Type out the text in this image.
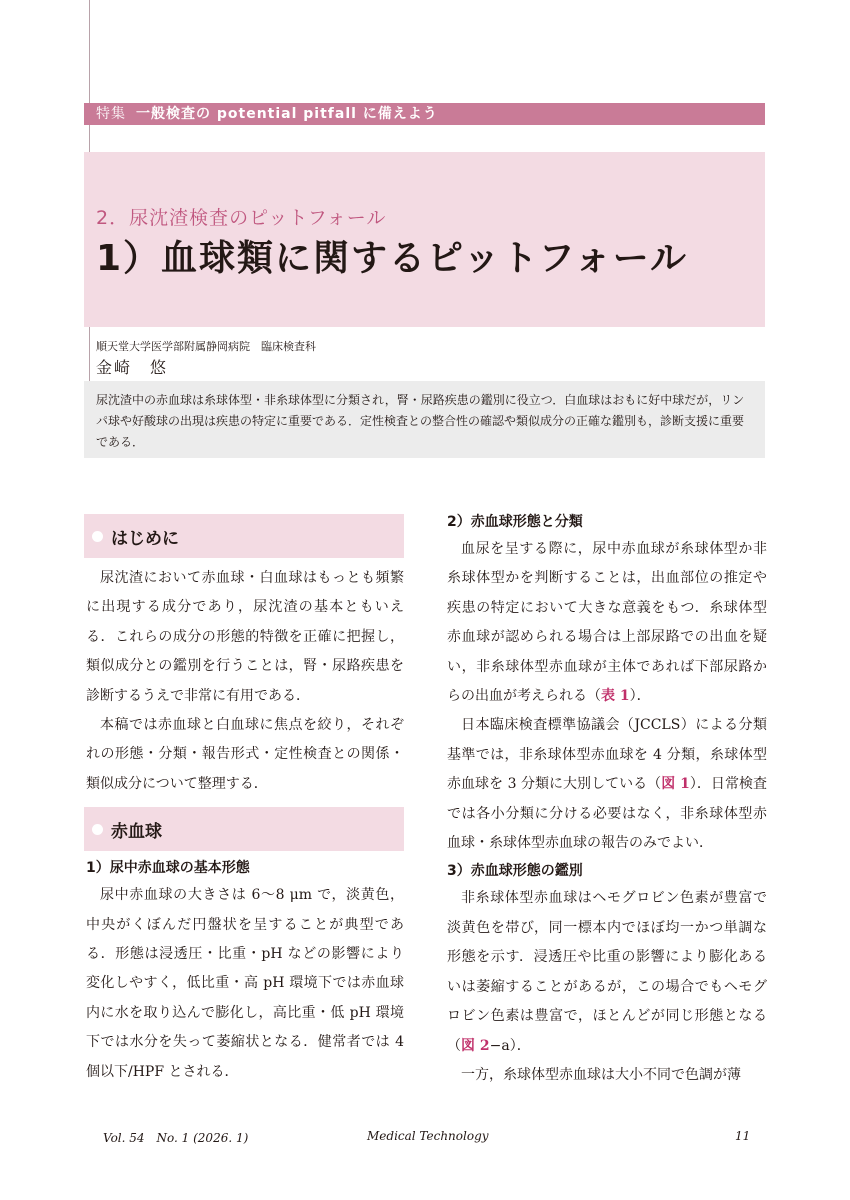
特集 一般検査の potential pitfall に備えよう
2．尿沈渣検査のピットフォール
1）血球類に関するピットフォール
順天堂大学医学部附属静岡病院　臨床検査科
金崎　悠
尿沈渣中の赤血球は糸球体型・非糸球体型に分類され，腎・尿路疾患の鑑別に役立つ．白血球はおもに好中球だが，リンパ球や好酸球の出現は疾患の特定に重要である．定性検査との整合性の確認や類似成分の正確な鑑別も，診断支援に重要である．
はじめに

尿沈渣において赤血球・白血球はもっとも頻繁に出現する成分であり，尿沈渣の基本ともいえる．これらの成分の形態的特徴を正確に把握し，類似成分との鑑別を行うことは，腎・尿路疾患を診断するうえで非常に有用である．

本稿では赤血球と白血球に焦点を絞り，それぞれの形態・分類・報告形式・定性検査との関係・類似成分について整理する．

赤血球
1）尿中赤血球の基本形態

尿中赤血球の大きさは 6〜8 μm で，淡黄色，中央がくぼんだ円盤状を呈することが典型である．形態は浸透圧・比重・pH などの影響により変化しやすく，低比重・高 pH 環境下では赤血球内に水を取り込んで膨化し，高比重・低 pH 環境下では水分を失って萎縮状となる．健常者では 4 個以下/HPF とされる．

2）赤血球形態と分類

血尿を呈する際に，尿中赤血球が糸球体型か非糸球体型かを判断することは，出血部位の推定や疾患の特定において大きな意義をもつ．糸球体型赤血球が認められる場合は上部尿路での出血を疑い，非糸球体型赤血球が主体であれば下部尿路からの出血が考えられる（表 1）．

日本臨床検査標準協議会（JCCLS）による分類基準では，非糸球体型赤血球を 4 分類，糸球体型赤血球を 3 分類に大別している（図 1）．日常検査では各小分類に分ける必要はなく，非糸球体型赤血球・糸球体型赤血球の報告のみでよい．

3）赤血球形態の鑑別

非糸球体型赤血球はヘモグロビン色素が豊富で淡黄色を帯び，同一標本内でほぼ均一かつ単調な形態を示す．浸透圧や比重の影響により膨化あるいは萎縮することがあるが，この場合でもヘモグロビン色素は豊富で，ほとんどが同じ形態となる（図 2−a）．

一方，糸球体型赤血球は大小不同で色調が薄

Vol. 54　No. 1 (2026. 1)	Medical Technology	11
